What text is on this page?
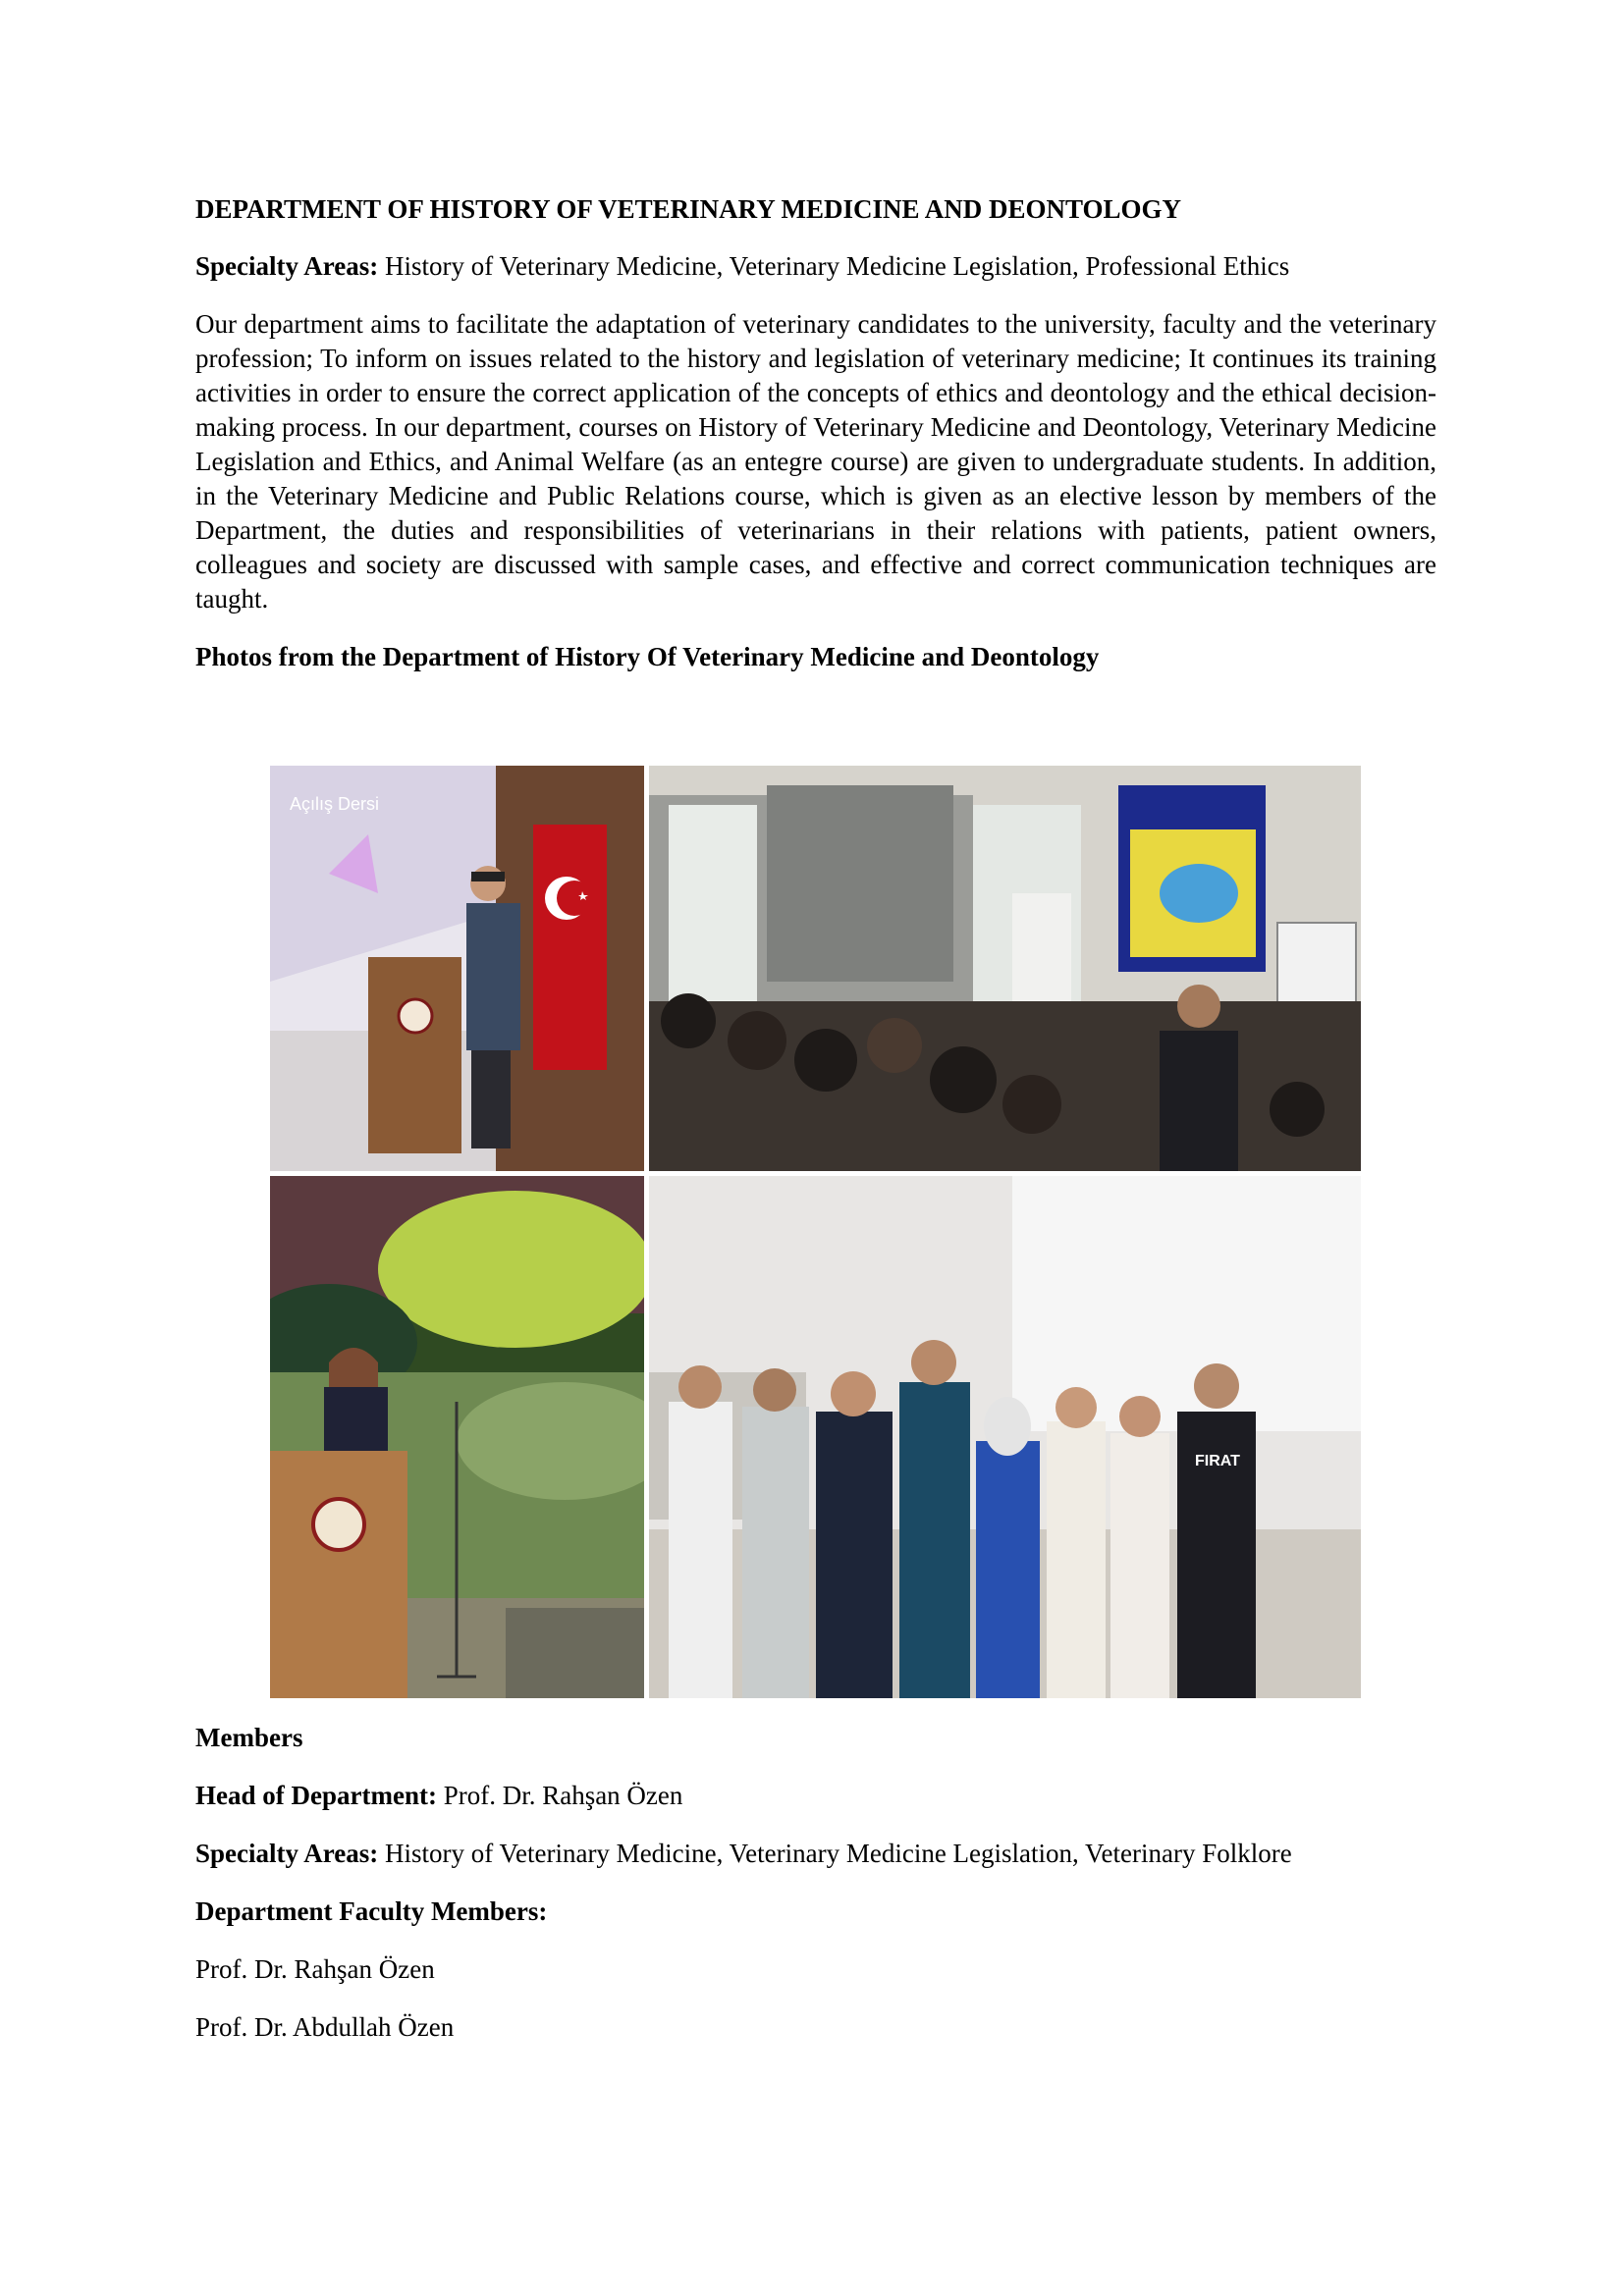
DEPARTMENT OF HISTORY OF VETERINARY MEDICINE AND DEONTOLOGY

Specialty Areas: History of Veterinary Medicine, Veterinary Medicine Legislation, Professional Ethics

Our department aims to facilitate the adaptation of veterinary candidates to the university, faculty and the veterinary profession; To inform on issues related to the history and legislation of veterinary medicine; It continues its training activities in order to ensure the correct application of the concepts of ethics and deontology and the ethical decision-making process. In our department, courses on History of Veterinary Medicine and Deontology, Veterinary Medicine Legislation and Ethics, and Animal Welfare (as an entegre course) are given to undergraduate students. In addition, in the Veterinary Medicine and Public Relations course, which is given as an elective lesson by members of the Department, the duties and responsibilities of veterinarians in their relations with patients, patient owners, colleagues and society are discussed with sample cases, and effective and correct communication techniques are taught.

Photos from the Department of History Of Veterinary Medicine and Deontology

Açılış Dersi
FIRAT

Members

Head of Department: Prof. Dr. Rahşan Özen

Specialty Areas: History of Veterinary Medicine, Veterinary Medicine Legislation, Veterinary Folklore

Department Faculty Members:

Prof. Dr. Rahşan Özen

Prof. Dr. Abdullah Özen
